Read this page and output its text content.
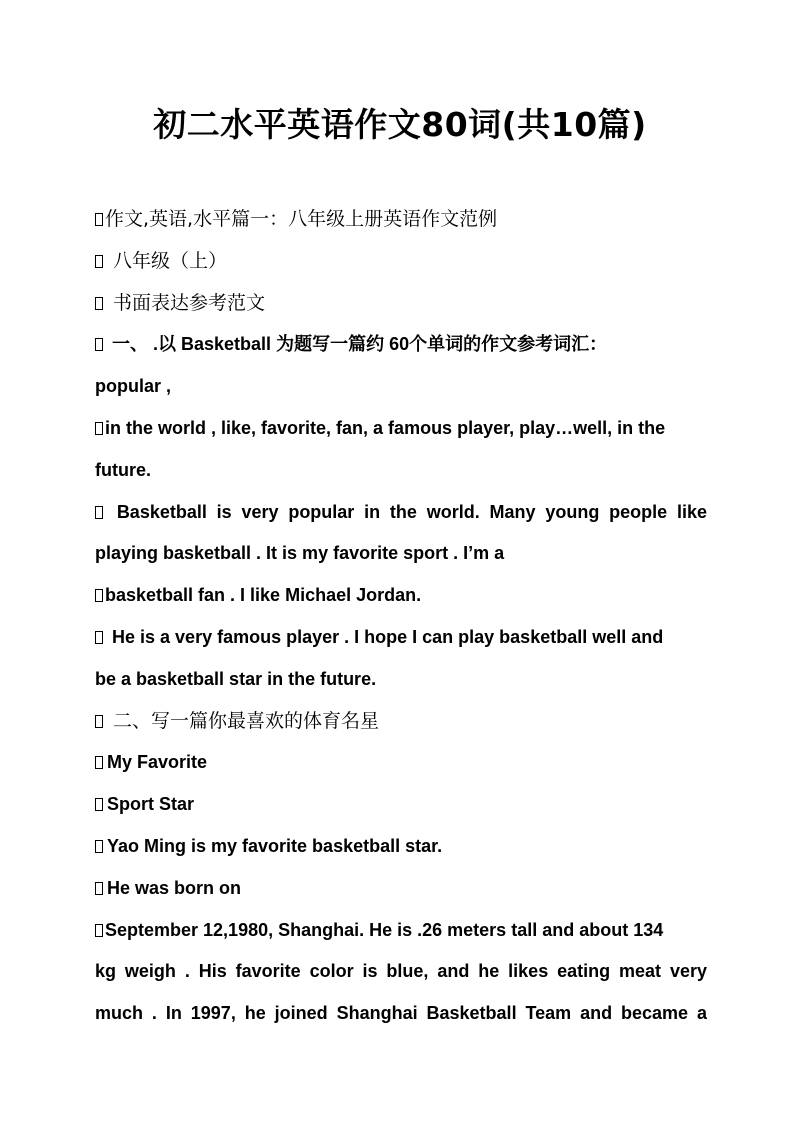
初二水平英语作文80词(共10篇)
作文,英语,水平篇一：八年级上册英语作文范例
八年级（上）
书面表达参考范文
一、 .以 Basketball 为题写一篇约 60个单词的作文参考词汇：
popular ,
in the world , like, favorite, fan, a famous player, play…well, in the
future.
Basketball is very popular in the world. Many young people like
playing basketball . It is my favorite sport . I’m a
basketball fan . I like Michael Jordan.
He is a very famous player . I hope I can play basketball well and
be a basketball star in the future.
二、写一篇你最喜欢的体育名星
My Favorite
Sport Star
Yao Ming is my favorite basketball star.
He was born on
September 12,1980, Shanghai. He is .26 meters tall and about 134
kg weigh . His favorite color is blue, and he likes eating meat very
much . In 1997, he joined Shanghai Basketball Team and became a
